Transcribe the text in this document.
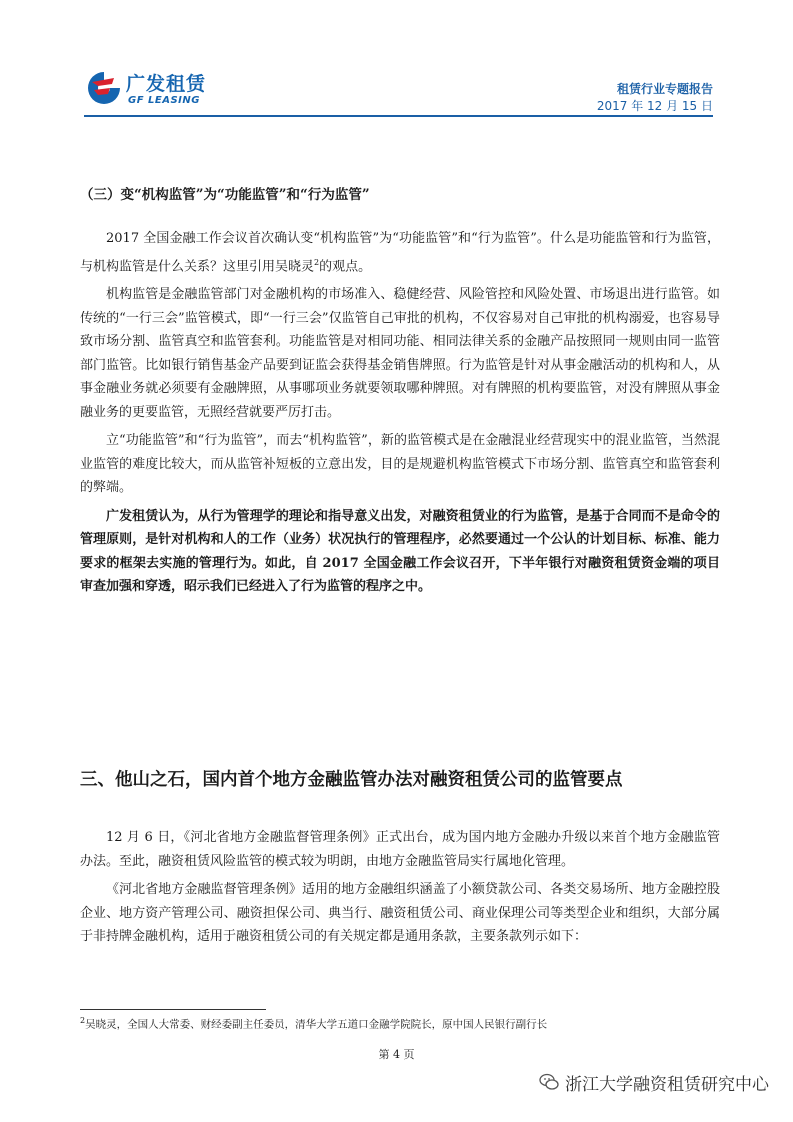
广发租赁
GF LEASING
租赁行业专题报告
2017 年 12 月 15 日

（三）变“机构监管”为“功能监管”和“行为监管”

2017 全国金融工作会议首次确认变“机构监管”为“功能监管”和“行为监管”。什么是功能监管和行为监管，与机构监管是什么关系？这里引用吴晓灵$^2$的观点。

机构监管是金融监管部门对金融机构的市场准入、稳健经营、风险管控和风险处置、市场退出进行监管。如传统的“一行三会”监管模式，即“一行三会”仅监管自己审批的机构，不仅容易对自己审批的机构溺爱，也容易导致市场分割、监管真空和监管套利。功能监管是对相同功能、相同法律关系的金融产品按照同一规则由同一监管部门监管。比如银行销售基金产品要到证监会获得基金销售牌照。行为监管是针对从事金融活动的机构和人，从事金融业务就必须要有金融牌照，从事哪项业务就要领取哪种牌照。对有牌照的机构要监管，对没有牌照从事金融业务的更要监管，无照经营就要严厉打击。

立“功能监管”和“行为监管”，而去“机构监管”，新的监管模式是在金融混业经营现实中的混业监管，当然混业监管的难度比较大，而从监管补短板的立意出发，目的是规避机构监管模式下市场分割、监管真空和监管套利的弊端。

广发租赁认为，从行为管理学的理论和指导意义出发，对融资租赁业的行为监管，是基于合同而不是命令的管理原则，是针对机构和人的工作（业务）状况执行的管理程序，必然要通过一个公认的计划目标、标准、能力要求的框架去实施的管理行为。如此，自 2017 全国金融工作会议召开，下半年银行对融资租赁资金端的项目审查加强和穿透，昭示我们已经进入了行为监管的程序之中。

三、他山之石，国内首个地方金融监管办法对融资租赁公司的监管要点

12 月 6 日，《河北省地方金融监督管理条例》正式出台，成为国内地方金融办升级以来首个地方金融监管办法。至此，融资租赁风险监管的模式较为明朗，由地方金融监管局实行属地化管理。

《河北省地方金融监督管理条例》适用的地方金融组织涵盖了小额贷款公司、各类交易场所、地方金融控股企业、地方资产管理公司、融资担保公司、典当行、融资租赁公司、商业保理公司等类型企业和组织，大部分属于非持牌金融机构，适用于融资租赁公司的有关规定都是通用条款，主要条款列示如下：

$^2$吴晓灵，全国人大常委、财经委副主任委员，清华大学五道口金融学院院长，原中国人民银行副行长
第 4 页
浙江大学融资租赁研究中心
